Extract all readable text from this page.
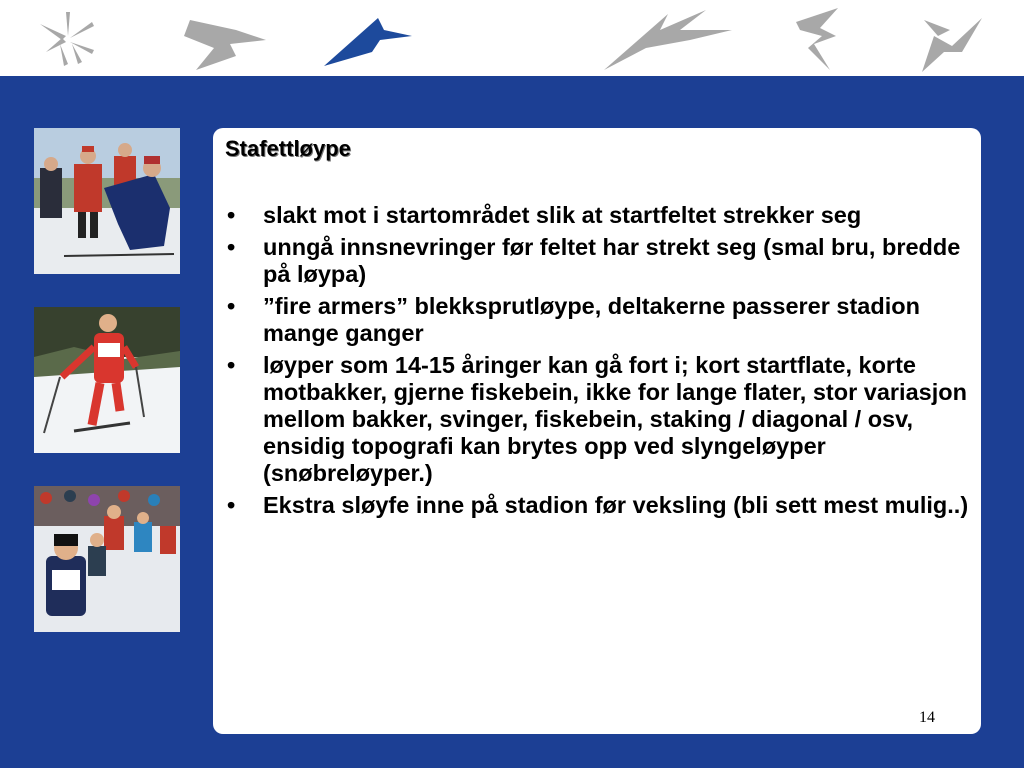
Stafettløype
• slakt mot i startområdet slik at startfeltet strekker seg
• unngå innsnevringer før feltet har strekt seg (smal bru, bredde på løypa)
• ”fire armers” blekksprutløype, deltakerne passerer stadion mange ganger
• løyper som 14-15 åringer kan gå fort i; kort startflate, korte motbakker, gjerne fiskebein, ikke for lange flater, stor variasjon mellom bakker, svinger, fiskebein, staking / diagonal / osv, ensidig topografi kan brytes opp ved slyngeløyper (snøbreløyper.)
• Ekstra sløyfe inne på stadion før veksling (bli sett mest mulig..)
14
